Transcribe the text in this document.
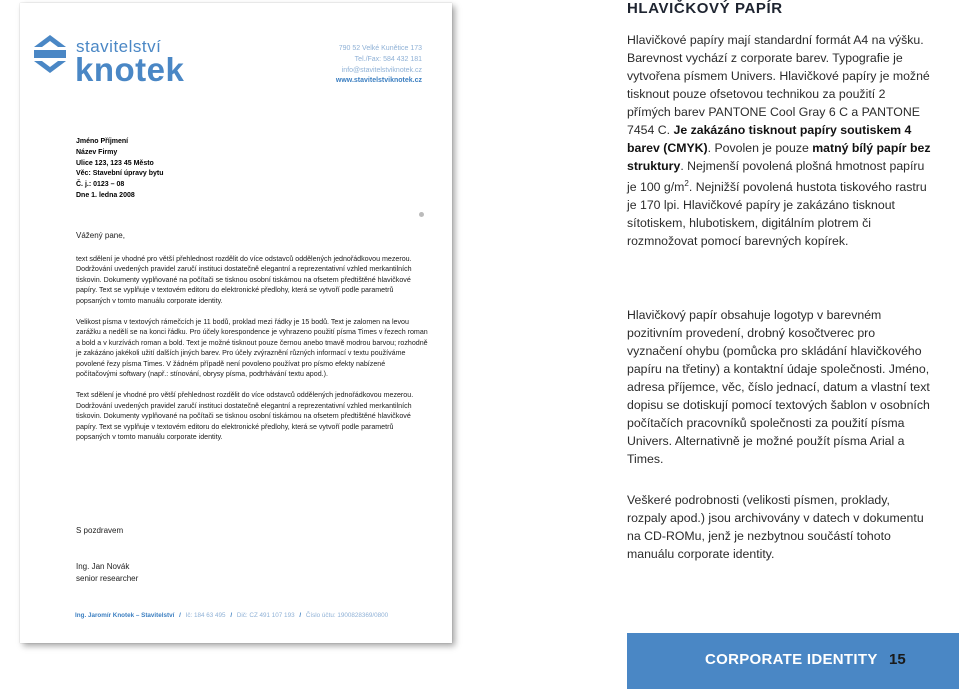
stavitelství
knotek
790 52 Velké Kunětice 173
Tel./Fax: 584 432 181
info@stavitelstviknotek.cz
www.stavitelstviknotek.cz
Jméno Příjmení
Název Firmy
Ulice 123, 123 45 Město
Věc: Stavební úpravy bytu
Č. j.: 0123 – 08
Dne 1. ledna 2008
Vážený pane,

text sdělení je vhodné pro větší přehlednost rozdělit do více odstavců oddělených jednořádkovou mezerou. Dodržování uvedených pravidel zaručí instituci dostatečně elegantní a reprezentativní vzhled merkantilních tiskovin. Dokumenty vyplňované na počítači se tisknou osobní tiskárnou na ofsetem předtištěné hlavičkové papíry. Text se vyplňuje v textovém editoru do elektronické předlohy, která se vytvoří podle parametrů popsaných v tomto manuálu corporate identity.

Velikost písma v textových rámečcích je 11 bodů, proklad mezi řádky je 15 bodů. Text je zalomen na levou zarážku a nedělí se na konci řádku. Pro účely korespondence je vyhrazeno použití písma Times v řezech roman a bold a v kurzívách roman a bold. Text je možné tisknout pouze černou anebo tmavě modrou barvou; rozhodně je zakázáno jakékoli užití dalších jiných barev. Pro účely zvýraznění různých informací v textu používáme povolené řezy písma Times. V žádném případě není povoleno používat pro písmo efekty nabízené počítačovými softwary (např.: stínování, obrysy písma, podtrhávání textu apod.).

Text sdělení je vhodné pro větší přehlednost rozdělit do více odstavců oddělených jednořádkovou mezerou. Dodržování uvedených pravidel zaručí instituci dostatečně elegantní a reprezentativní vzhled merkantilních tiskovin. Dokumenty vyplňované na počítači se tisknou osobní tiskárnou na ofsetem předtištěné hlavičkové papíry. Text se vyplňuje v textovém editoru do elektronické předlohy, která se vytvoří podle parametrů popsaných v tomto manuálu corporate identity.

S pozdravem
Ing. Jan Novák
senior researcher
Ing. Jaromír Knotek – Stavitelství / Ič: 184 63 495 / Dič: CZ 491 107 193 / Číslo účtu: 1900828369/0800
HLAVIČKOVÝ PAPÍR
Hlavičkové papíry mají standardní formát A4 na výšku. Barevnost vychází z corporate barev. Typografie je vytvořena písmem Univers. Hlavičkové papíry je možné tisknout pouze ofsetovou technikou za použití 2 přímých barev PANTONE Cool Gray 6 C a PANTONE 7454 C. Je zakázáno tisknout papíry soutiskem 4 barev (CMYK). Povolen je pouze matný bílý papír bez struktury. Nejmenší povolená plošná hmotnost papíru je 100 $g/m^2$. Nejnižší povolená hustota tiskového rastru je 170 lpi. Hlavičkové papíry je zakázáno tisknout sítotiskem, hlubotiskem, digitálním plotrem či rozmnožovat pomocí barevných kopírek.
Hlavičkový papír obsahuje logotyp v barevném pozitivním provedení, drobný kosočtverec pro vyznačení ohybu (pomůcka pro skládání hlavičkového papíru na třetiny) a kontaktní údaje společnosti. Jméno, adresa příjemce, věc, číslo jednací, datum a vlastní text dopisu se dotiskují pomocí textových šablon v osobních počítačích pracovníků společnosti za použití písma Univers. Alternativně je možné použít písma Arial a Times.
Veškeré podrobnosti (velikosti písmen, proklady, rozpaly apod.) jsou archivovány v datech v dokumentu na CD-ROMu, jenž je nezbytnou součástí tohoto manuálu corporate identity.
CORPORATE IDENTITY 15
